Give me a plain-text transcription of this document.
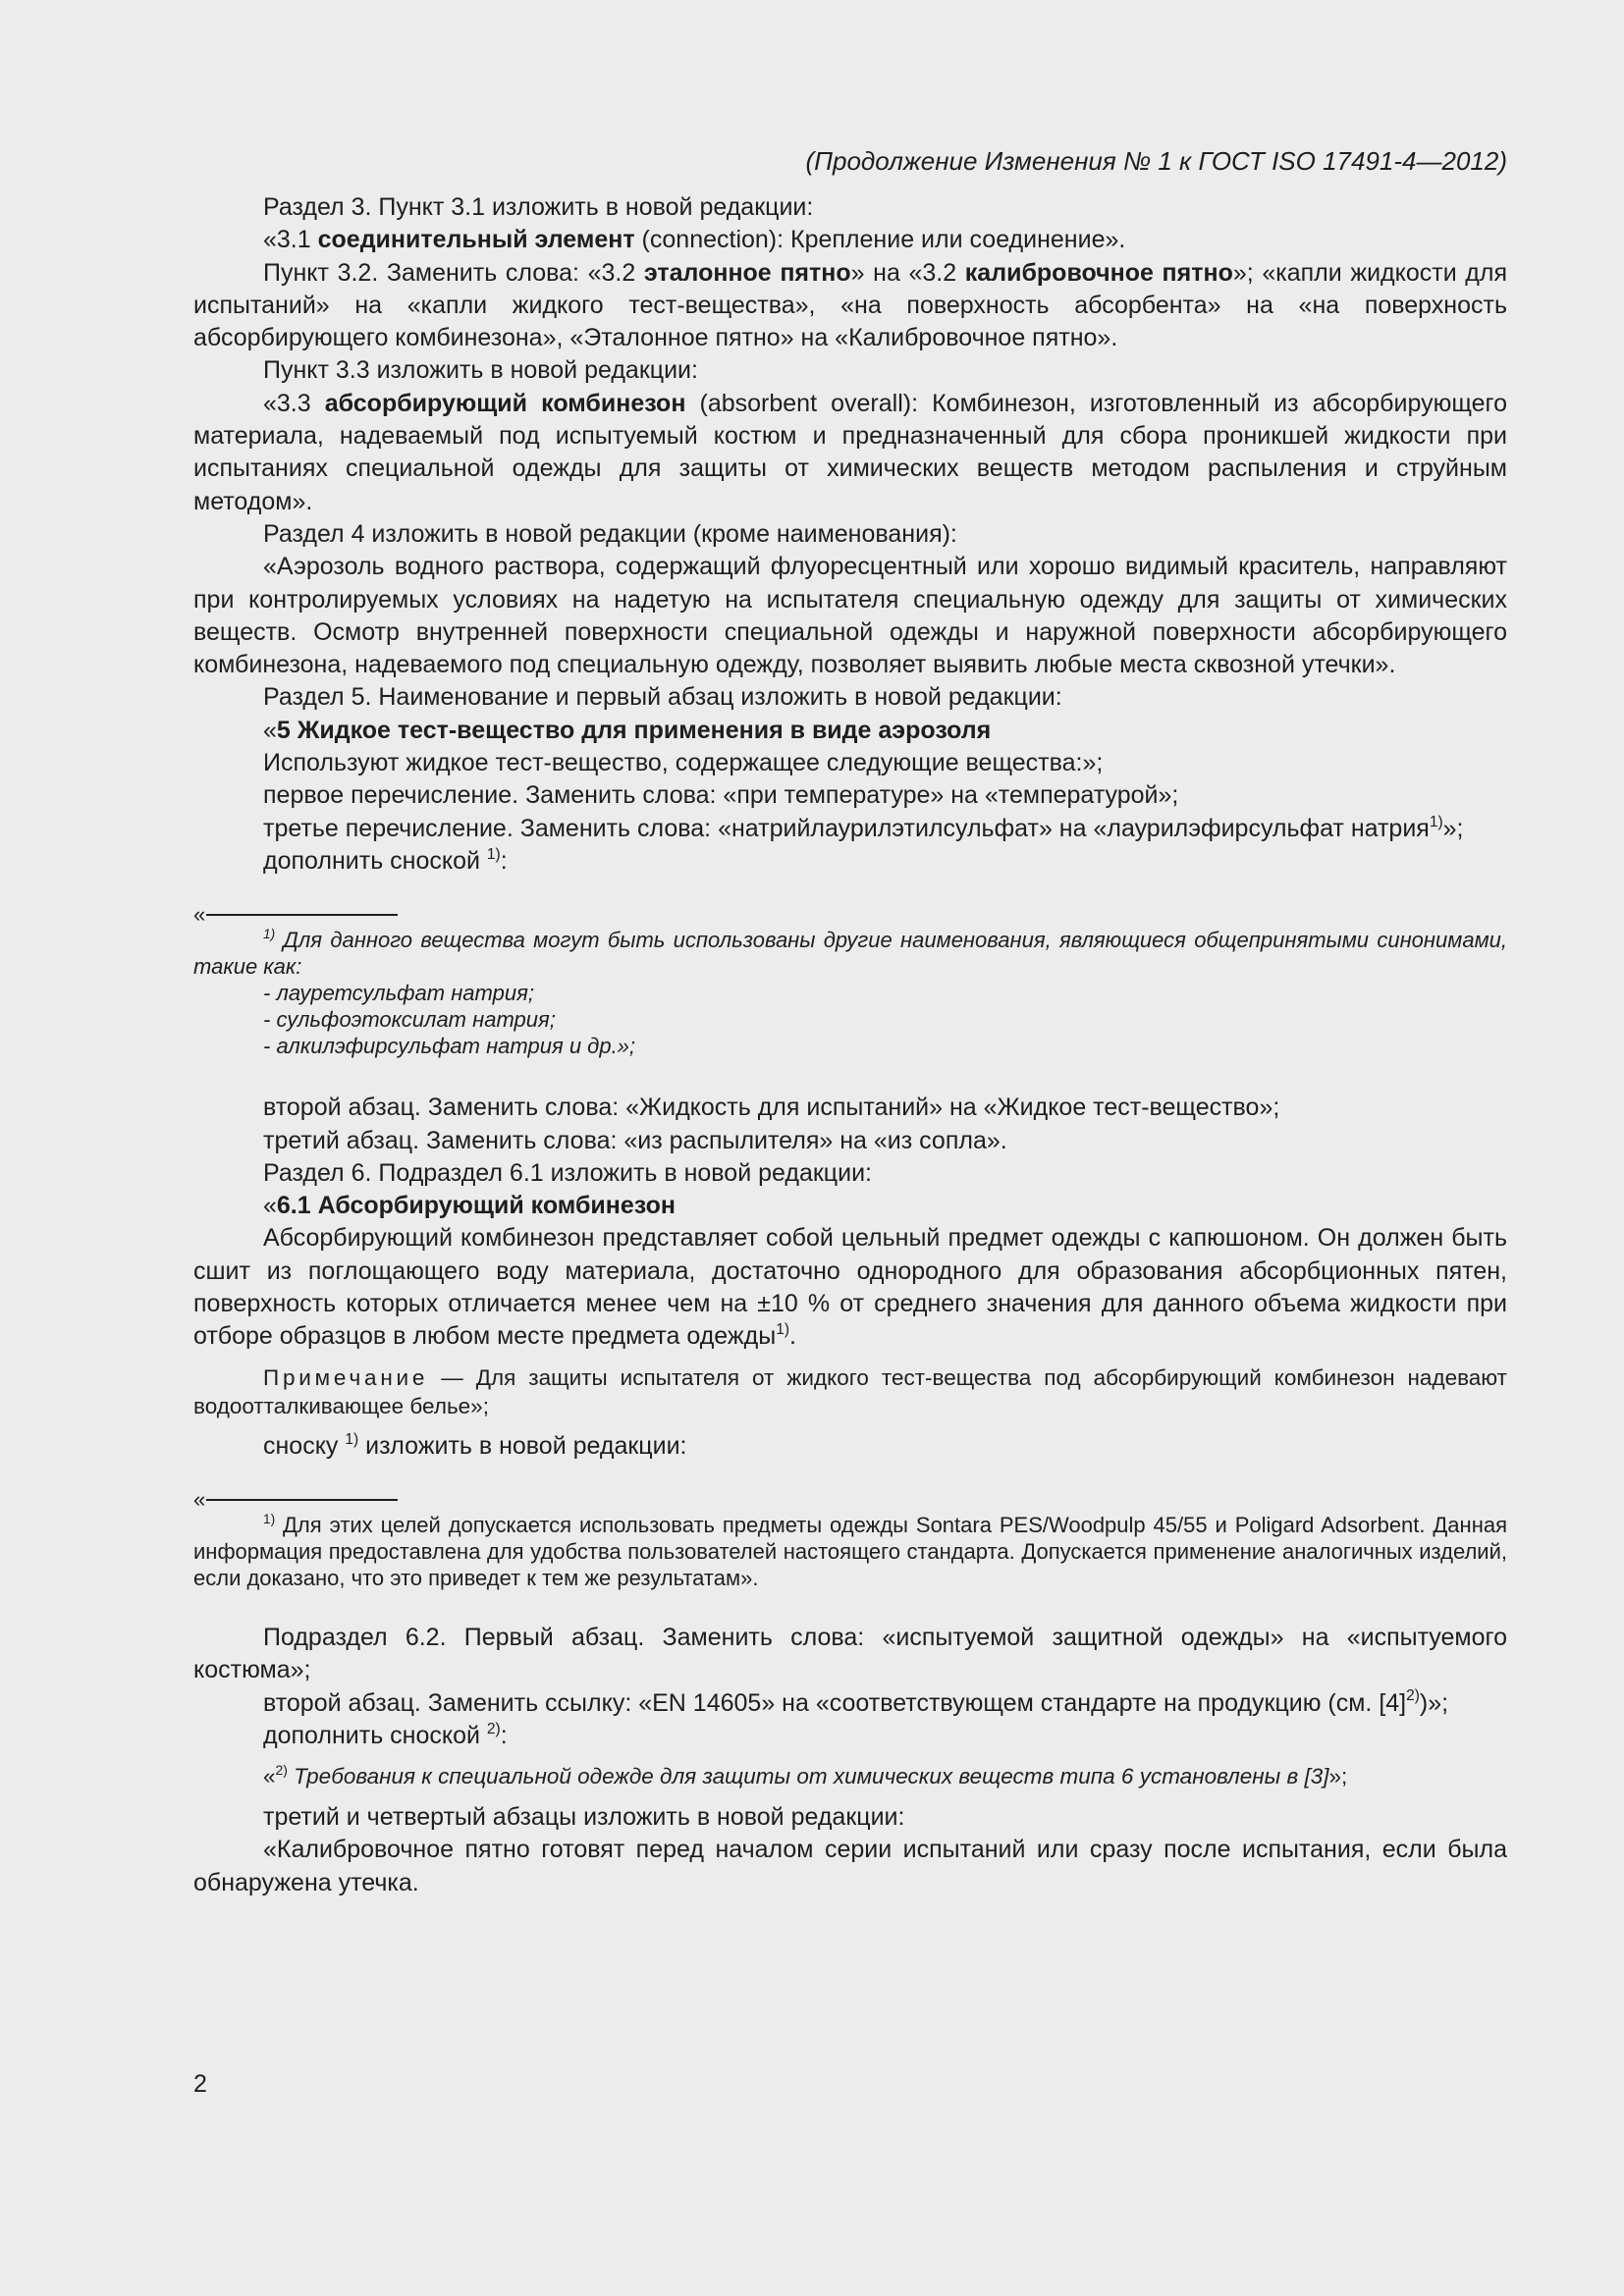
(Продолжение Изменения № 1 к ГОСТ ISO 17491-4—2012)

Раздел 3. Пункт 3.1 изложить в новой редакции:

«3.1 соединительный элемент (connection): Крепление или соединение».

Пункт 3.2. Заменить слова: «3.2 эталонное пятно» на «3.2 калибровочное пятно»; «капли жидкости для испытаний» на «капли жидкого тест-вещества», «на поверхность абсорбента» на «на поверхность абсорбирующего комбинезона», «Эталонное пятно» на «Калибровочное пятно».

Пункт 3.3 изложить в новой редакции:

«3.3 абсорбирующий комбинезон (absorbent overall): Комбинезон, изготовленный из абсорбирующего материала, надеваемый под испытуемый костюм и предназначенный для сбора проникшей жидкости при испытаниях специальной одежды для защиты от химических веществ методом распыления и струйным методом».

Раздел 4 изложить в новой редакции (кроме наименования):

«Аэрозоль водного раствора, содержащий флуоресцентный или хорошо видимый краситель, направляют при контролируемых условиях на надетую на испытателя специальную одежду для защиты от химических веществ. Осмотр внутренней поверхности специальной одежды и наружной поверхности абсорбирующего комбинезона, надеваемого под специальную одежду, позволяет выявить любые места сквозной утечки».

Раздел 5. Наименование и первый абзац изложить в новой редакции:

«5 Жидкое тест-вещество для применения в виде аэрозоля

Используют жидкое тест-вещество, содержащее следующие вещества:»;

первое перечисление. Заменить слова: «при температуре» на «температурой»;

третье перечисление. Заменить слова: «натрийлаурилэтилсульфат» на «лаурилэфирсульфат натрия$^{1)}$»;

дополнить сноской $^{1)}$:

«

$^{1)}$ Для данного вещества могут быть использованы другие наименования, являющиеся общепринятыми синонимами, такие как:

- лауретсульфат натрия;
- сульфоэтоксилат натрия;
- алкилэфирсульфат натрия и др.»;

второй абзац. Заменить слова: «Жидкость для испытаний» на «Жидкое тест-вещество»;

третий абзац. Заменить слова: «из распылителя» на «из сопла».

Раздел 6. Подраздел 6.1 изложить в новой редакции:

«6.1 Абсорбирующий комбинезон

Абсорбирующий комбинезон представляет собой цельный предмет одежды с капюшоном. Он должен быть сшит из поглощающего воду материала, достаточно однородного для образования абсорбционных пятен, поверхность которых отличается менее чем на ±10 % от среднего значения для данного объема жидкости при отборе образцов в любом месте предмета одежды$^{1)}$.

Примечание — Для защиты испытателя от жидкого тест-вещества под абсорбирующий комбинезон надевают водоотталкивающее белье»;

сноску $^{1)}$ изложить в новой редакции:

«

$^{1)}$ Для этих целей допускается использовать предметы одежды Sontara PES/Woodpulp 45/55 и Poligard Adsorbent. Данная информация предоставлена для удобства пользователей настоящего стандарта. Допускается применение аналогичных изделий, если доказано, что это приведет к тем же результатам».

Подраздел 6.2. Первый абзац. Заменить слова: «испытуемой защитной одежды» на «испытуемого костюма»;

второй абзац. Заменить ссылку: «EN 14605» на «соответствующем стандарте на продукцию (см. $[4]^{2)}$)»;

дополнить сноской $^{2)}$:

«$^{2)}$ Требования к специальной одежде для защиты от химических веществ типа 6 установлены в [3]»;

третий и четвертый абзацы изложить в новой редакции:

«Калибровочное пятно готовят перед началом серии испытаний или сразу после испытания, если была обнаружена утечка.

2
